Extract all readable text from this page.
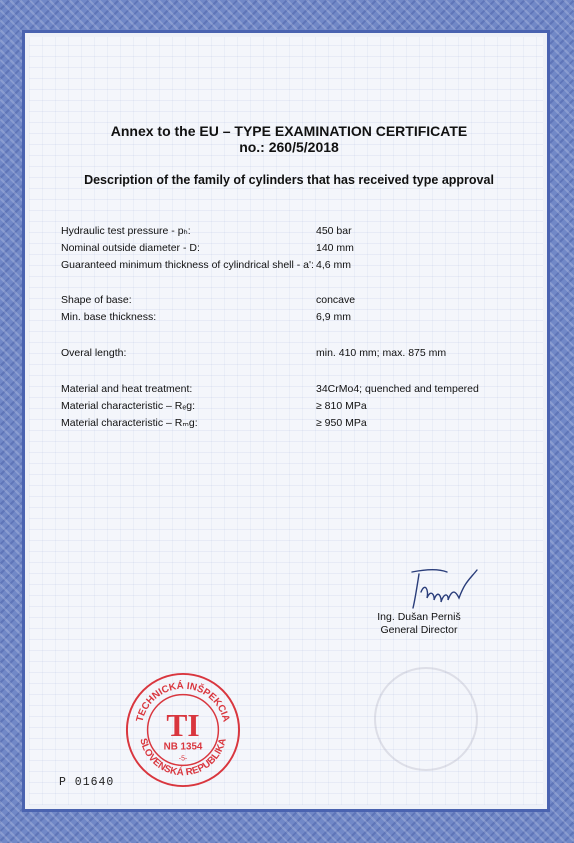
Annex to the EU – TYPE EXAMINATION CERTIFICATE
no.: 260/5/2018
Description of the family of cylinders that has received type approval
Hydraulic test pressure - pₕ:	450 bar
Nominal outside diameter - D:	140 mm
Guaranteed minimum thickness of cylindrical shell - a': 4,6 mm
Shape of base:	concave
Min. base thickness:	6,9 mm
Overal length:	min. 410 mm; max. 875 mm
Material and heat treatment:	34CrMo4; quenched and tempered
Material characteristic – Rₑg:	≥ 810 MPa
Material characteristic – Rₘg:	≥ 950 MPa
Ing. Dušan Perniš
General Director
TECHNICKÁ INŠPEKCIA
SLOVENSKÁ REPUBLIKA
TI
NB 1354
-5-
P 01640
